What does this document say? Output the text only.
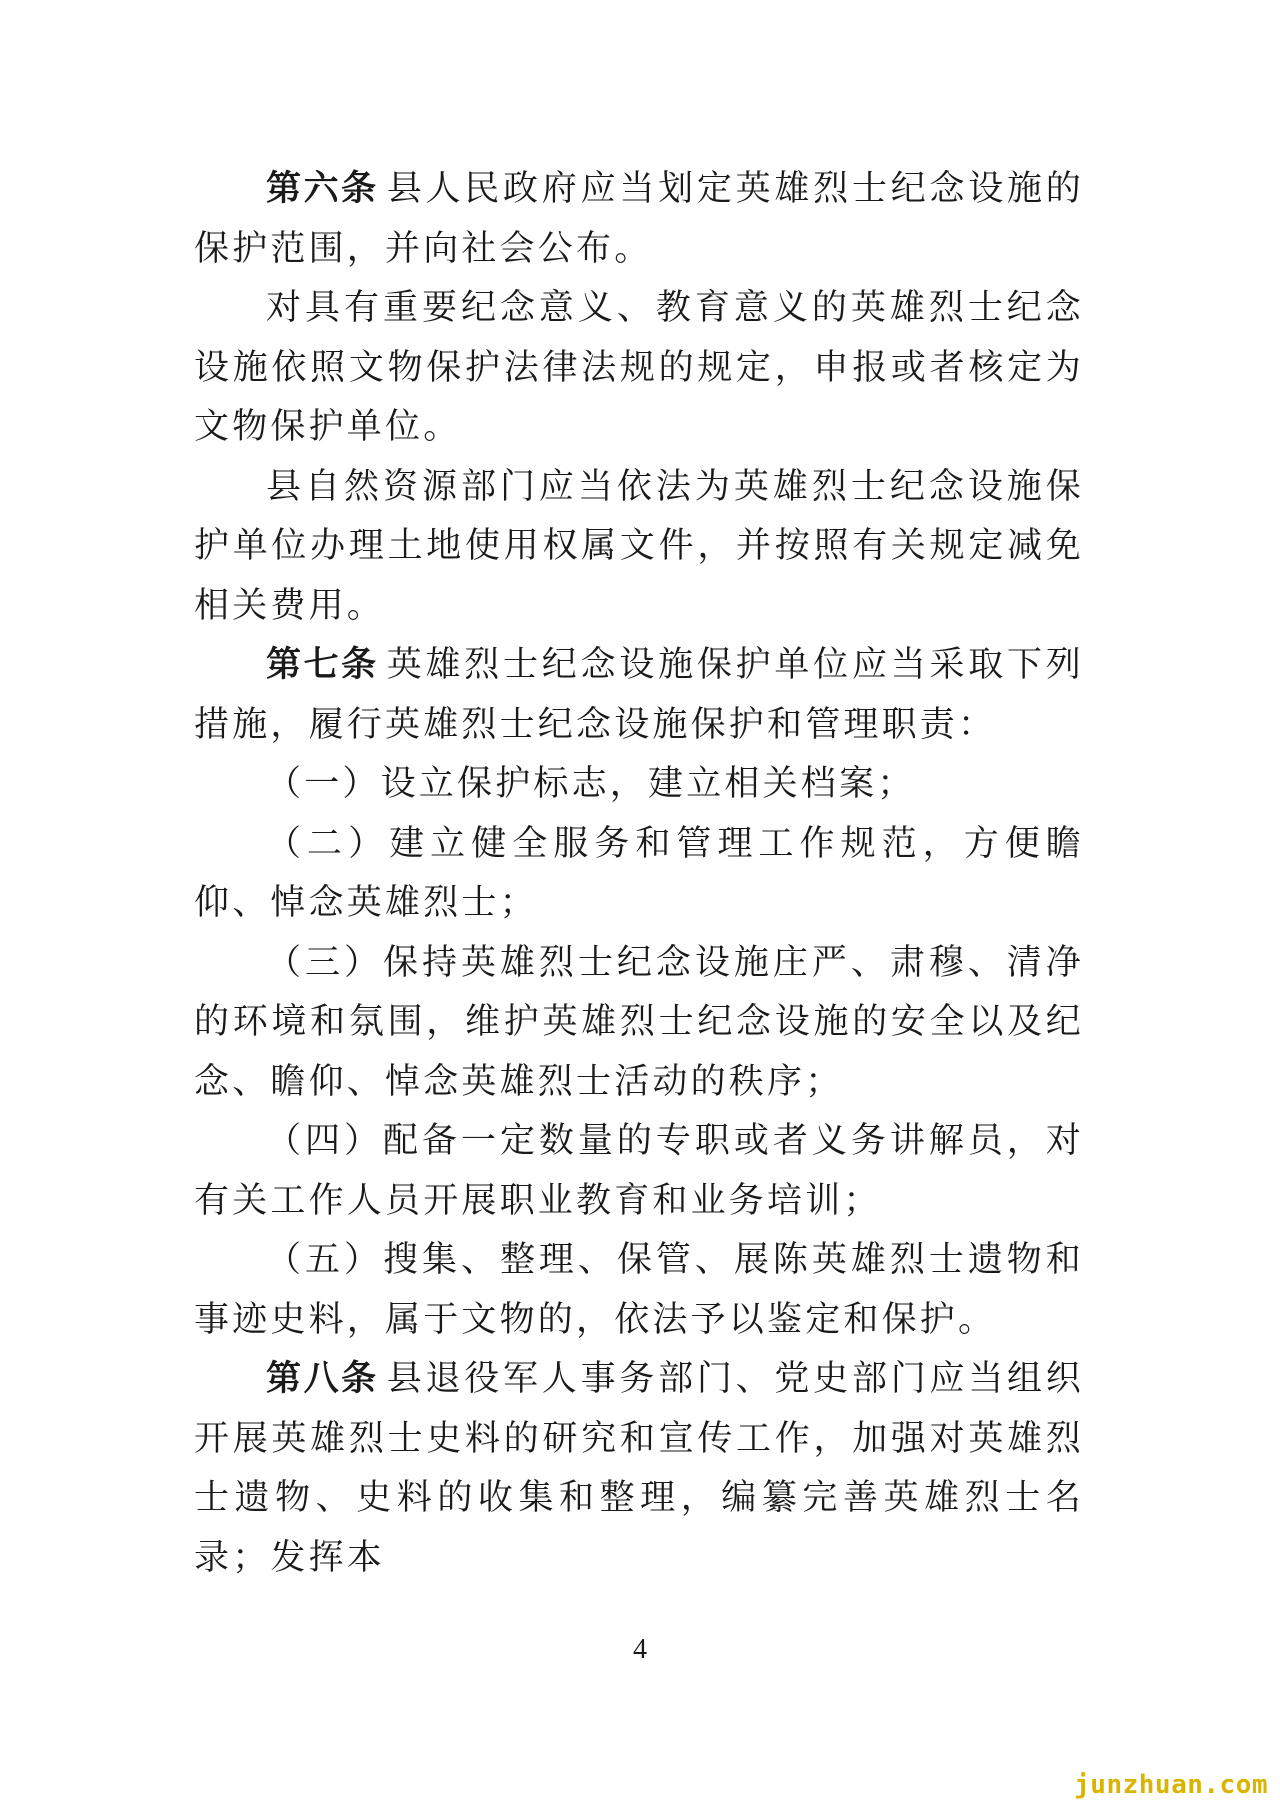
第六条 县人民政府应当划定英雄烈士纪念设施的保护范围，并向社会公布。

对具有重要纪念意义、教育意义的英雄烈士纪念设施依照文物保护法律法规的规定，申报或者核定为文物保护单位。

县自然资源部门应当依法为英雄烈士纪念设施保护单位办理土地使用权属文件，并按照有关规定减免相关费用。

第七条 英雄烈士纪念设施保护单位应当采取下列措施，履行英雄烈士纪念设施保护和管理职责：

（一）设立保护标志，建立相关档案；

（二）建立健全服务和管理工作规范，方便瞻仰、悼念英雄烈士；

（三）保持英雄烈士纪念设施庄严、肃穆、清净的环境和氛围，维护英雄烈士纪念设施的安全以及纪念、瞻仰、悼念英雄烈士活动的秩序；

（四）配备一定数量的专职或者义务讲解员，对有关工作人员开展职业教育和业务培训；

（五）搜集、整理、保管、展陈英雄烈士遗物和事迹史料，属于文物的，依法予以鉴定和保护。

第八条 县退役军人事务部门、党史部门应当组织开展英雄烈士史料的研究和宣传工作，加强对英雄烈士遗物、史料的收集和整理，编纂完善英雄烈士名录；发挥本

4
junzhuan.com
